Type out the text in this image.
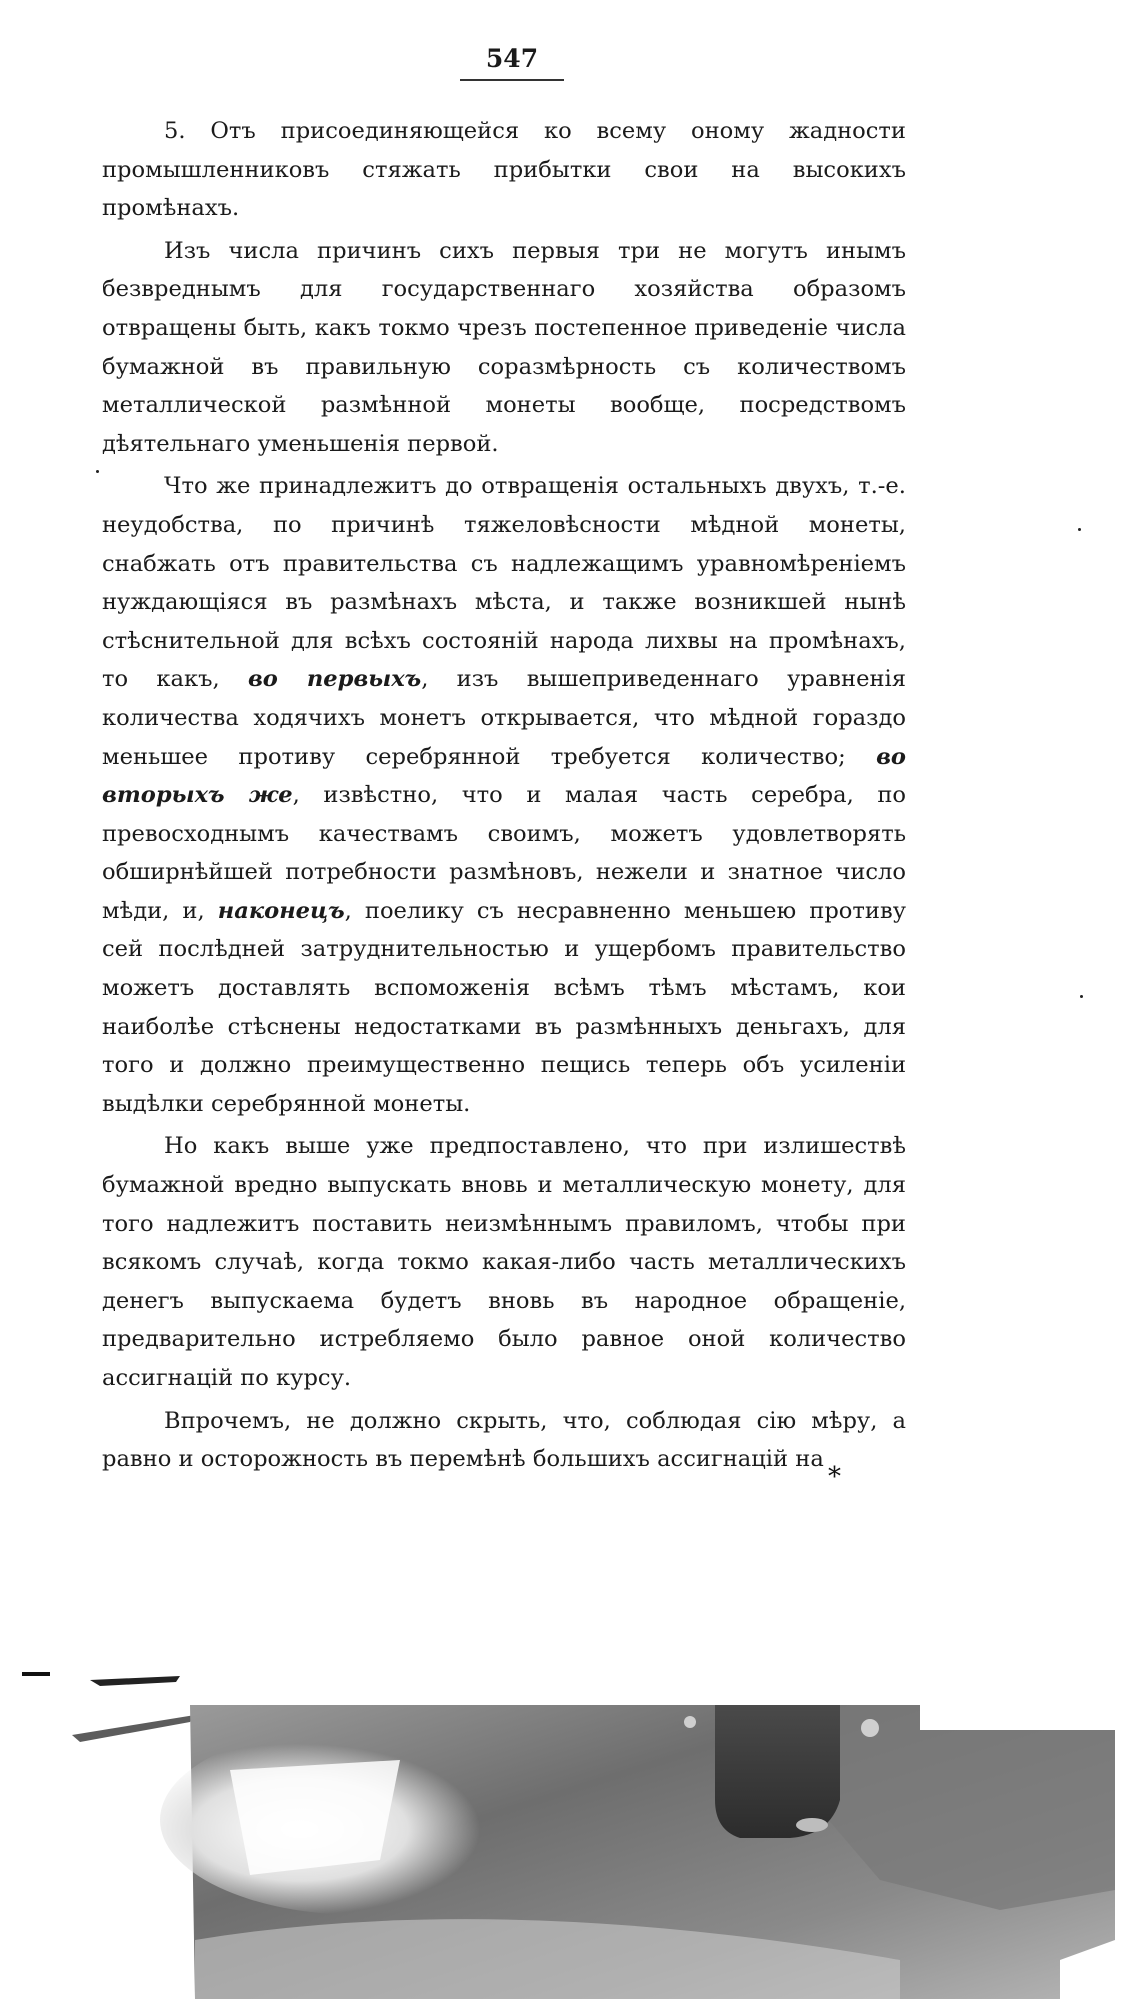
547

5. Отъ присоединяющейся ко всему оному жадности промышленниковъ стяжать прибытки свои на высокихъ промѣнахъ.

Изъ числа причинъ сихъ первыя три не могутъ инымъ безвреднымъ для государственнаго хозяйства образомъ отвращены быть, какъ токмо чрезъ постепенное приведеніе числа бумажной въ правильную соразмѣрность съ количествомъ металлической размѣнной монеты вообще, посредствомъ дѣятельнаго уменьшенія первой.

Что же принадлежитъ до отвращенія остальныхъ двухъ, т.-е. неудобства, по причинѣ тяжеловѣсности мѣдной монеты, снабжать отъ правительства съ надлежащимъ уравномѣреніемъ нуждающіяся въ размѣнахъ мѣста, и также возникшей нынѣ стѣснительной для всѣхъ состояній народа лихвы на промѣнахъ, то какъ, во первыхъ, изъ вышеприведеннаго уравненія количества ходячихъ монетъ открывается, что мѣдной гораздо меньшее противу серебрянной требуется количество; во вторыхъ же, извѣстно, что и малая часть серебра, по превосходнымъ качествамъ своимъ, можетъ удовлетворять обширнѣйшей потребности размѣновъ, нежели и знатное число мѣди, и, наконецъ, поелику съ несравненно меньшею противу сей послѣдней затруднительностью и ущербомъ правительство можетъ доставлять вспоможенія всѣмъ тѣмъ мѣстамъ, кои наиболѣе стѣснены недостатками въ размѣнныхъ деньгахъ, для того и должно преимущественно пещись теперь объ усиленіи выдѣлки серебрянной монеты.

Но какъ выше уже предпоставлено, что при излишествѣ бумажной вредно выпускать вновь и металлическую монету, для того надлежитъ поставить неизмѣннымъ правиломъ, чтобы при всякомъ случаѣ, когда токмо какая-либо часть металлическихъ денегъ выпускаема будетъ вновь въ народное обращеніе, предварительно истребляемо было равное оной количество ассигнацій по курсу.

Впрочемъ, не должно скрыть, что, соблюдая сію мѣру, а равно и осторожность въ перемѣнѣ большихъ ассигнацій на

*
